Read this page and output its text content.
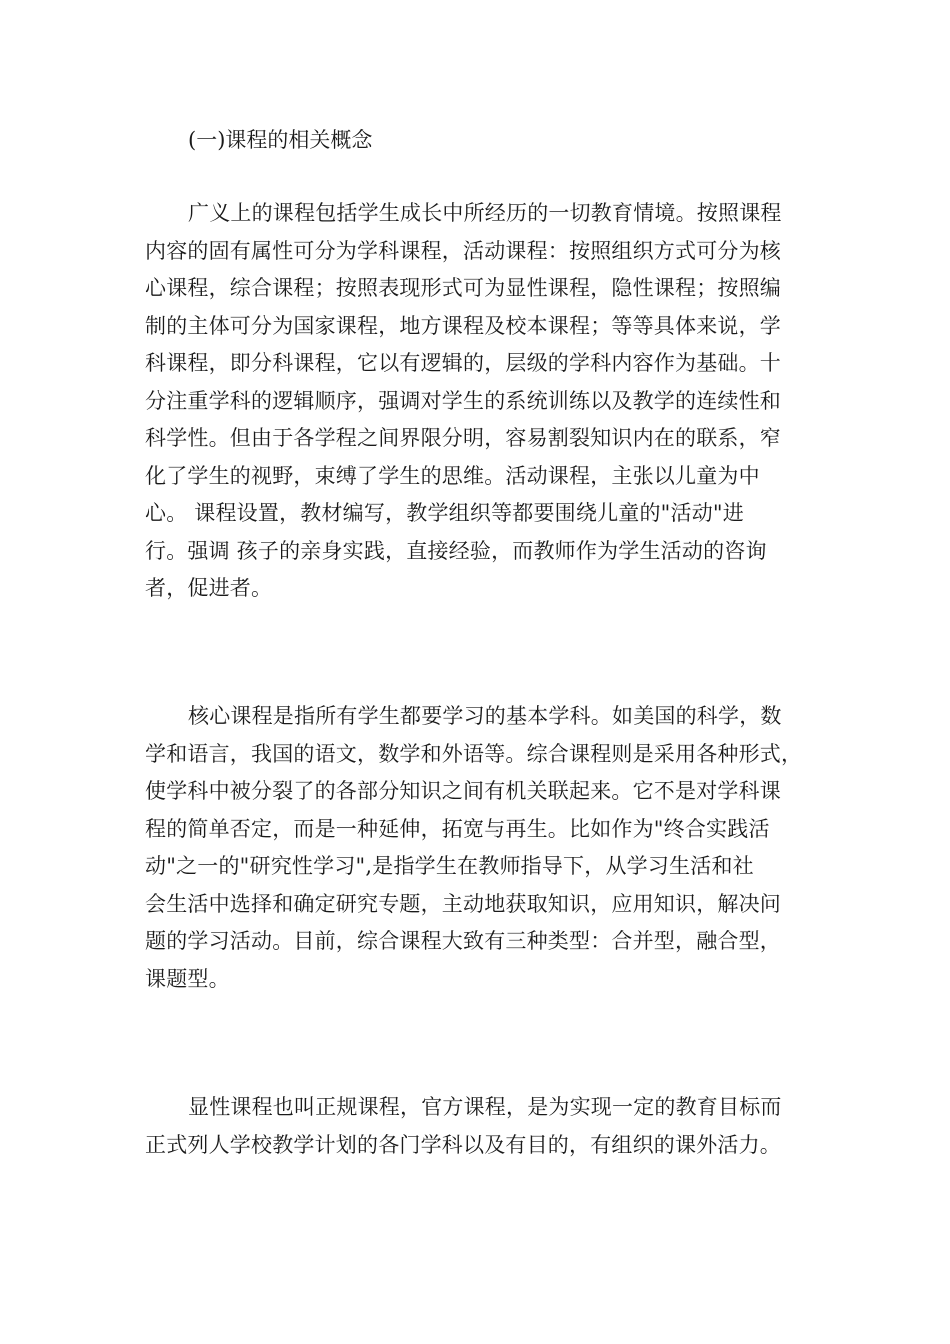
(一)课程的相关概念
广义上的课程包括学生成长中所经历的一切教育情境。按照课程
内容的固有属性可分为学科课程，活动课程：按照组织方式可分为核
心课程，综合课程；按照表现形式可为显性课程，隐性课程；按照编
制的主体可分为国家课程，地方课程及校本课程；等等具体来说，学
科课程，即分科课程，它以有逻辑的，层级的学科内容作为基础。十
分注重学科的逻辑顺序，强调对学生的系统训练以及教学的连续性和
科学性。但由于各学程之间界限分明，容易割裂知识内在的联系，窄
化了学生的视野，束缚了学生的思维。活动课程，主张以儿童为中
心。 课程设置，教材编写，教学组织等都要围绕儿童的"活动"进
行。强调 孩子的亲身实践，直接经验，而教师作为学生活动的咨询
者，促进者。
核心课程是指所有学生都要学习的基本学科。如美国的科学，数
学和语言，我国的语文，数学和外语等。综合课程则是采用各种形式，
使学科中被分裂了的各部分知识之间有机关联起来。它不是对学科课
程的简单否定，而是一种延伸，拓宽与再生。比如作为"终合实践活
动"之一的"研究性学习",是指学生在教师指导下，从学习生活和社
会生活中选择和确定研究专题，主动地获取知识，应用知识，解决问
题的学习活动。目前，综合课程大致有三种类型：合并型，融合型，
课题型。
显性课程也叫正规课程，官方课程，是为实现一定的教育目标而
正式列人学校教学计划的各门学科以及有目的，有组织的课外活力。
